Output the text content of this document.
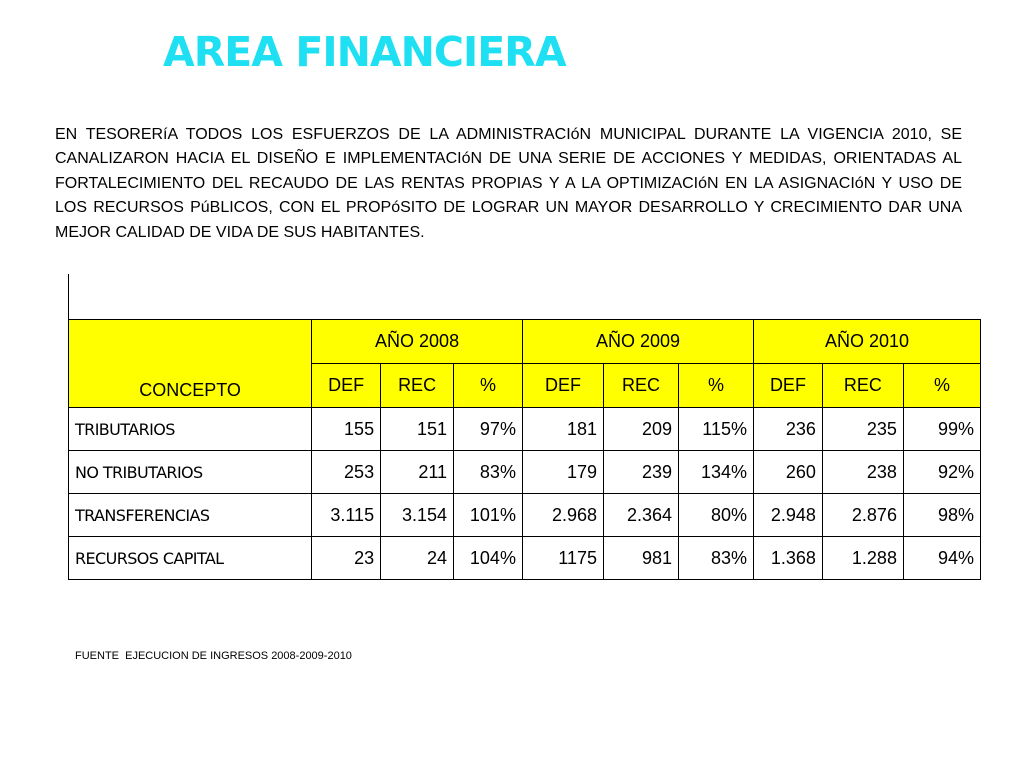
AREA FINANCIERA
EN TESORERíA TODOS LOS ESFUERZOS DE LA ADMINISTRACIóN MUNICIPAL DURANTE LA VIGENCIA 2010, SE CANALIZARON HACIA EL DISEÑO E IMPLEMENTACIóN DE UNA SERIE DE ACCIONES Y MEDIDAS, ORIENTADAS AL FORTALECIMIENTO DEL RECAUDO DE LAS RENTAS PROPIAS Y A LA OPTIMIZACIóN EN LA ASIGNACIóN Y USO DE LOS RECURSOS PúBLICOS, CON EL PROPóSITO DE LOGRAR UN MAYOR DESARROLLO Y CRECIMIENTO DAR UNA MEJOR CALIDAD DE VIDA DE SUS HABITANTES.
CONCEPTO	AÑO 2008			AÑO 2009			AÑO 2010		
	DEF	REC	%	DEF	REC	%	DEF	REC	%
TRIBUTARIOS	155	151	97%	181	209	115%	236	235	99%
NO TRIBUTARIOS	253	211	83%	179	239	134%	260	238	92%
TRANSFERENCIAS	3.115	3.154	101%	2.968	2.364	80%	2.948	2.876	98%
RECURSOS CAPITAL	23	24	104%	1175	981	83%	1.368	1.288	94%
FUENTE  EJECUCION DE INGRESOS 2008-2009-2010
